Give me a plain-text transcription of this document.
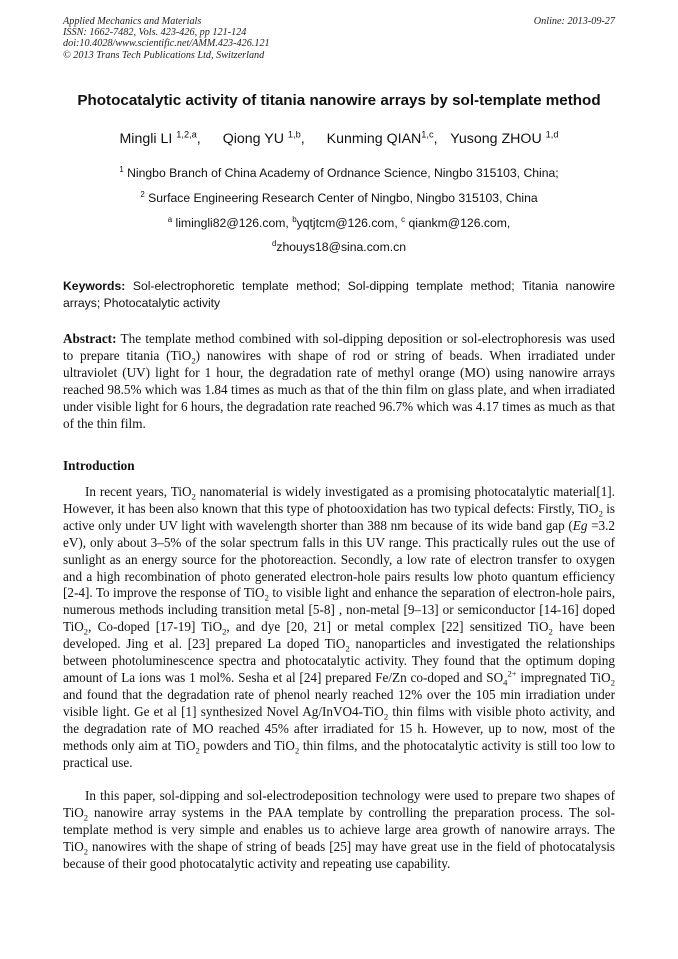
Applied Mechanics and Materials
ISSN: 1662-7482, Vols. 423-426, pp 121-124
doi:10.4028/www.scientific.net/AMM.423-426.121
© 2013 Trans Tech Publications Ltd, Switzerland
Online: 2013-09-27
Photocatalytic activity of titania nanowire arrays by sol-template method
Mingli LI $^{1,2,a}$, Qiong YU $^{1,b}$, Kunming QIAN$^{1,c}$, Yusong ZHOU $^{1,d}$
$^1$ Ningbo Branch of China Academy of Ordnance Science, Ningbo 315103, China;
$^2$ Surface Engineering Research Center of Ningbo, Ningbo 315103, China
$^a$ limingli82@126.com, $^b$yqtjtcm@126.com, $^c$ qiankm@126.com,
$^d$zhouys18@sina.com.cn
Keywords: Sol-electrophoretic template method; Sol-dipping template method; Titania nanowire arrays; Photocatalytic activity
Abstract: The template method combined with sol-dipping deposition or sol-electrophoresis was used to prepare titania (TiO$_2$) nanowires with shape of rod or string of beads. When irradiated under ultraviolet (UV) light for 1 hour, the degradation rate of methyl orange (MO) using nanowire arrays reached 98.5% which was 1.84 times as much as that of the thin film on glass plate, and when irradiated under visible light for 6 hours, the degradation rate reached 96.7% which was 4.17 times as much as that of the thin film.
Introduction
In recent years, TiO$_2$ nanomaterial is widely investigated as a promising photocatalytic material[1]. However, it has been also known that this type of photooxidation has two typical defects: Firstly, TiO$_2$ is active only under UV light with wavelength shorter than 388 nm because of its wide band gap (Eg =3.2 eV), only about 3–5% of the solar spectrum falls in this UV range. This practically rules out the use of sunlight as an energy source for the photoreaction. Secondly, a low rate of electron transfer to oxygen and a high recombination of photo generated electron-hole pairs results low photo quantum efficiency [2-4]. To improve the response of TiO$_2$ to visible light and enhance the separation of electron-hole pairs, numerous methods including transition metal [5-8] , non-metal [9–13] or semiconductor [14-16] doped TiO$_2$, Co-doped [17-19] TiO$_2$, and dye [20, 21] or metal complex [22] sensitized TiO$_2$ have been developed. Jing et al. [23] prepared La doped TiO$_2$ nanoparticles and investigated the relationships between photoluminescence spectra and photocatalytic activity. They found that the optimum doping amount of La ions was 1 mol%. Sesha et al [24] prepared Fe/Zn co-doped and $SO_4^{2+}$ impregnated TiO$_2$ and found that the degradation rate of phenol nearly reached 12% over the 105 min irradiation under visible light. Ge et al [1] synthesized Novel Ag/InVO4-TiO$_2$ thin films with visible photo activity, and the degradation rate of MO reached 45% after irradiated for 15 h. However, up to now, most of the methods only aim at TiO$_2$ powders and TiO$_2$ thin films, and the photocatalytic activity is still too low to practical use.
In this paper, sol-dipping and sol-electrodeposition technology were used to prepare two shapes of TiO$_2$ nanowire array systems in the PAA template by controlling the preparation process. The sol-template method is very simple and enables us to achieve large area growth of nanowire arrays. The TiO$_2$ nanowires with the shape of string of beads [25] may have great use in the field of photocatalysis because of their good photocatalytic activity and repeating use capability.
